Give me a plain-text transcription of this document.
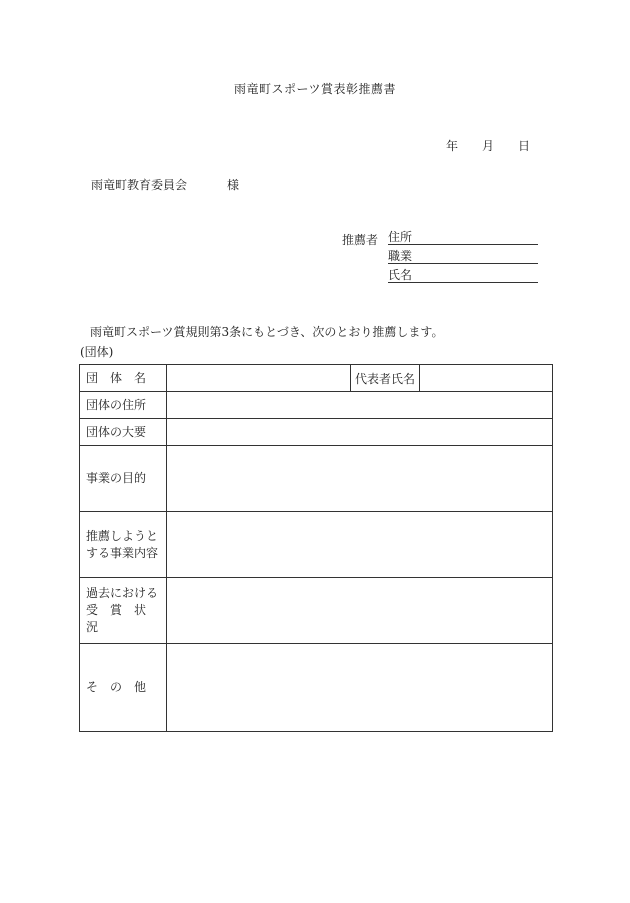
雨竜町スポーツ賞表彰推薦書
年 月 日
雨竜町教育委員会	様
推薦者 住所
職業
氏名
雨竜町スポーツ賞規則第3条にもとづき、次のとおり推薦します。
(団体)
団　体　名		代表者氏名	
団体の住所			
団体の大要			
事業の目的			

推薦しようと
する事業内容			

過去における
受　賞　状　況			

そ　の　他			
